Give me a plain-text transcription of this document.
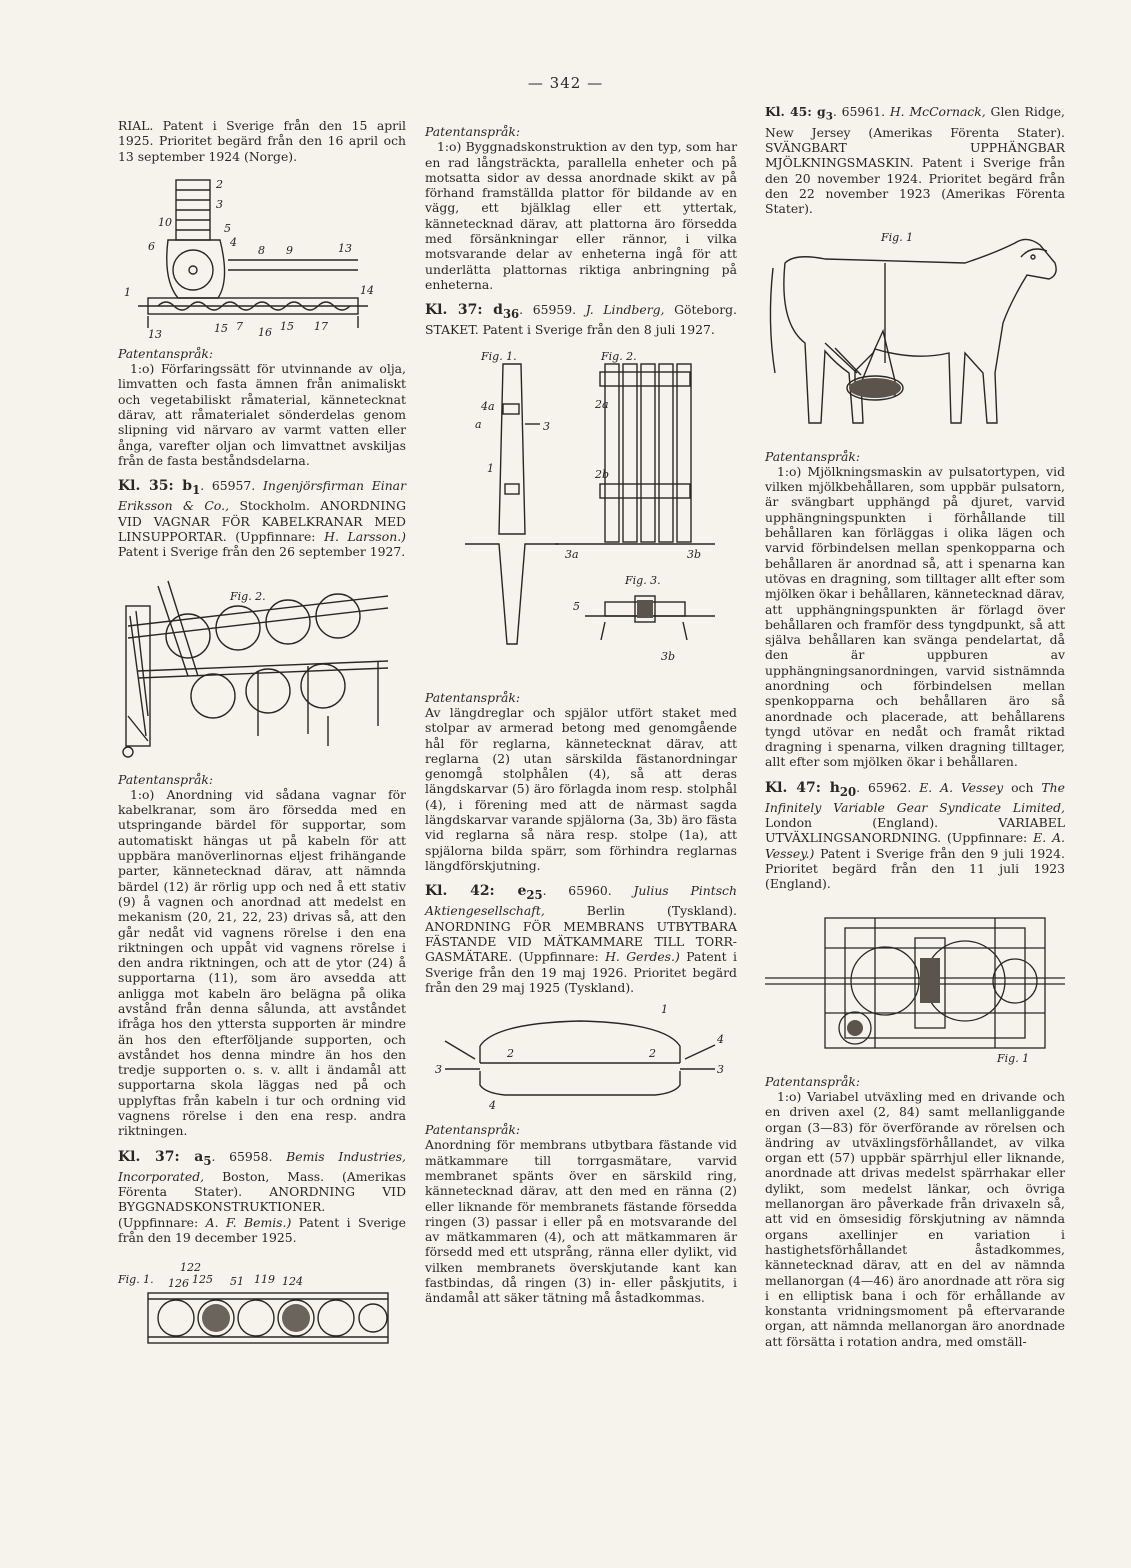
— 342 —

RIAL. Patent i Sverige från den 15 april 1925. Prioritet begärd från den 16 april och 13 september 1924 (Norge).

2
3
6
5
4
8 9	13
14
13	15 7 16 15 17
1
10

Patentanspråk:

1:o) Förfaringssätt för utvinnande av olja, limvatten och fasta ämnen från animaliskt och vegetabiliskt råmaterial, kännetecknat därav, att råmaterialet sönderdelas genom slipning vid närvaro av varmt vatten eller ånga, varefter oljan och limvattnet avskiljas från de fasta beståndsdelarna.

Kl. 35: $b_1$. 65957. Ingenjörsfirman Einar Eriksson & Co., Stockholm. ANORDNING VID VAGNAR FÖR KABELKRANAR MED LINSUPPORTAR. (Uppfinnare: H. Larsson.) Patent i Sverige från den 26 september 1927.

Fig. 2.

Patentanspråk:

1:o) Anordning vid sådana vagnar för kabelkranar, som äro försedda med en utspringande bärdel för supportar, som automatiskt hängas ut på kabeln för att uppbära manöverlinornas eljest frihängande parter, kännetecknad därav, att nämnda bärdel (12) är rörlig upp och ned å ett stativ (9) å vagnen och anordnad att medelst en mekanism (20, 21, 22, 23) drivas så, att den går nedåt vid vagnens rörelse i den ena riktningen och uppåt vid vagnens rörelse i den andra riktningen, och att de ytor (24) å supportarna (11), som äro avsedda att anligga mot kabeln äro belägna på olika avstånd från denna sålunda, att avståndet ifråga hos den yttersta supporten är mindre än hos den efterföljande supporten, och avståndet hos denna mindre än hos den tredje supporten o. s. v. allt i ändamål att supportarna skola läggas ned på och upplyftas från kabeln i tur och ordning vid vagnens rörelse i den ena resp. andra riktningen.

Kl. 37: $a_5$. 65958. Bemis Industries, Incorporated, Boston, Mass. (Amerikas Förenta Stater). ANORDNING VID BYGGNADSKONSTRUKTIONER. (Uppfinnare: A. F. Bemis.) Patent i Sverige från den 19 december 1925.

Fig. 1.
122
126 125 51 119 124

Patentanspråk:

1:o) Byggnadskonstruktion av den typ, som har en rad långsträckta, parallella enheter och på motsatta sidor av dessa anordnade skikt av på förhand framställda plattor för bildande av en vägg, ett bjälklag eller ett yttertak, kännetecknad därav, att plattorna äro försedda med försänkningar eller rännor, i vilka motsvarande delar av enheterna ingå för att underlätta plattornas riktiga anbringning på enheterna.

Kl. 37: $d_{36}$. 65959. J. Lindberg, Göteborg. STAKET. Patent i Sverige från den 8 juli 1927.

Fig. 1.	Fig. 2.
Fig. 3.
a	3
3a	3b
4a
1
2a
2b
5
3b

Patentanspråk:

Av längdreglar och spjälor utfört staket med stolpar av armerad betong med genomgående hål för reglarna, kännetecknat därav, att reglarna (2) utan särskilda fästanordningar genomgå stolphålen (4), så att deras längdskarvar (5) äro förlagda inom resp. stolphål (4), i förening med att de närmast sagda längdskarvar varande spjälorna (3a, 3b) äro fästa vid reglarna så nära resp. stolpe (1a), att spjälorna bilda spärr, som förhindra reglarnas längdförskjutning.

Kl. 42: $e_{25}$. 65960. Julius Pintsch Aktiengesellschaft,	Berlin (Tyskland). ANORDNING FÖR MEMBRANS UTBYTBARA FÄSTANDE VID MÄTKAMMARE TILL TORR-GASMÄTARE. (Uppfinnare: H. Gerdes.) Patent i Sverige från den 19 maj 1926. Prioritet begärd från den 29 maj 1925 (Tyskland).

1
2	2
3	3
4
4

Patentanspråk:

Anordning för membrans utbytbara fästande vid mätkammare till torrgasmätare, varvid membranet spänts över en särskild ring, kännetecknad därav, att den med en ränna (2) eller liknande för membranets fästande försedda ringen (3) passar i eller på en motsvarande del av mätkammaren (4), och att mätkammaren är försedd med ett utsprång, ränna eller dylikt, vid vilken membranets överskjutande kant kan fastbindas, då ringen (3) in- eller påskjutits, i ändamål att säker tätning må åstadkommas.

Kl. 45: $g_3$. 65961. H. McCornack, Glen Ridge, New Jersey (Amerikas Förenta Stater). SVÄNGBART UPPHÄNGBAR MJÖLKNINGSMASKIN. Patent i Sverige från den 20 november 1924. Prioritet begärd från den 22 november 1923 (Amerikas Förenta Stater).

Fig. 1

Patentanspråk:

1:o) Mjölkningsmaskin av pulsatortypen, vid vilken mjölkbehållaren, som uppbär pulsatorn, är svängbart upphängd på djuret, varvid upphängningspunkten i förhållande till behållaren kan förläggas i olika lägen och varvid förbindelsen mellan spenkopparna och behållaren är anordnad så, att i spenarna kan utövas en dragning, som tilltager allt efter som mjölken ökar i behållaren, kännetecknad därav, att upphängningspunkten är förlagd över behållaren och framför dess tyngdpunkt, så att själva behållaren kan svänga pendelartat, då den är uppburen av upphängningsanordningen, varvid sistnämnda anordning och förbindelsen mellan spenkopparna och behållaren äro så anordnade och placerade, att behållarens tyngd utövar en nedåt och framåt riktad dragning i spenarna, vilken dragning tilltager, allt efter som mjölken ökar i behållaren.

Kl. 47: $h_{20}$. 65962. E. A. Vessey och The Infinitely Variable Gear Syndicate Limited, London (England). VARIABEL UTVÄXLINGSANORDNING. (Uppfinnare: E. A. Vessey.) Patent i Sverige från den 9 juli 1924. Prioritet begärd från den 11 juli 1923 (England).

Fig. 1

Patentanspråk:

1:o) Variabel utväxling med en drivande och en driven axel (2, 84) samt mellanliggande organ (3—83) för överförande av rörelsen och ändring av utväxlingsförhållandet, av vilka organ ett (57) uppbär spärrhjul eller liknande, anordnade att drivas medelst spärrhakar eller dylikt, som medelst länkar, och övriga mellanorgan äro påverkade från drivaxeln så, att vid en ömsesidig förskjutning av nämnda organs axellinjer en variation i hastighetsförhållandet åstadkommes, kännetecknad därav, att en del av nämnda mellanorgan (4—46) äro anordnade att röra sig i en elliptisk bana i och för erhållande av konstanta vridningsmoment på eftervarande organ, att nämnda mellanorgan äro anordnade att försätta i rotation andra, med omställ-
